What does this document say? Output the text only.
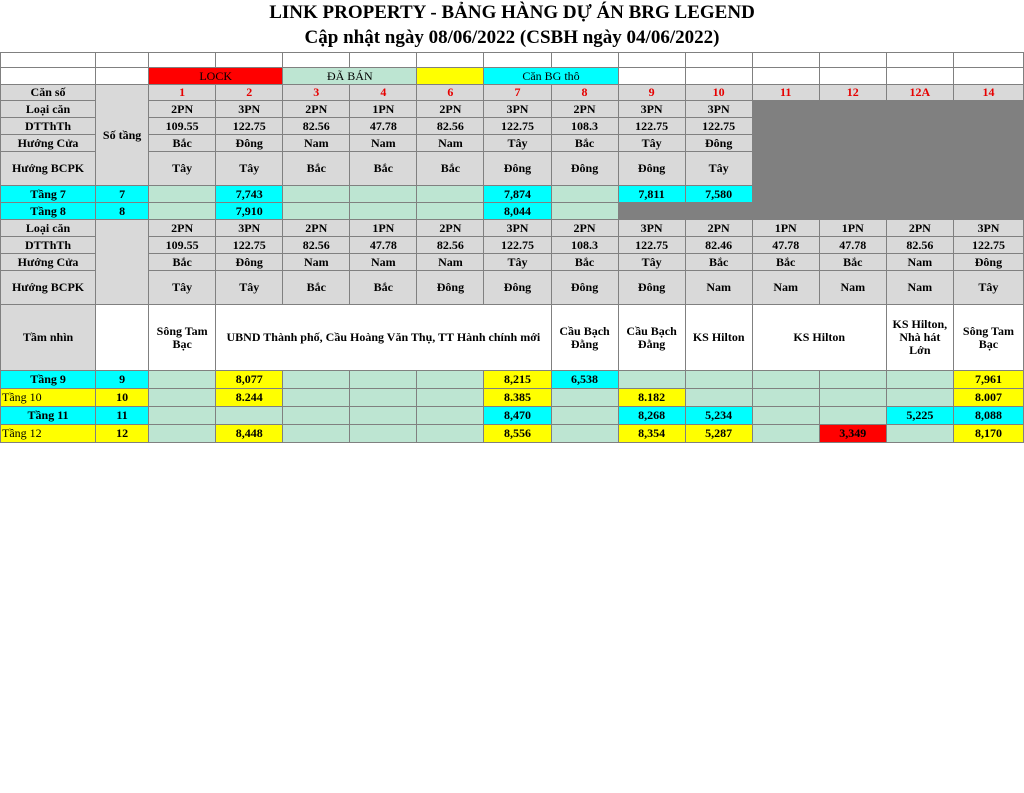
LINK PROPERTY - BẢNG HÀNG DỰ ÁN BRG LEGEND
Cập nhật ngày 08/06/2022 (CSBH ngày 04/06/2022)

		LOCK		ĐÃ BÁN			Căn BG thô							
Căn số	Số tầng	1	2	3	4	6	7	8	9	10	11	12	12A	14
Loại căn		2PN	3PN	2PN	1PN	2PN	3PN	2PN	3PN	3PN				
DTThTh		109.55	122.75	82.56	47.78	82.56	122.75	108.3	122.75	122.75				
Hướng Cửa		Bắc	Đông	Nam	Nam	Nam	Tây	Bắc	Tây	Đông				
Hướng BCPK		Tây	Tây	Bắc	Bắc	Bắc	Đông	Đông	Đông	Tây				
Tầng 7	7		7,743				7,874		7,811	7,580				
Tầng 8	8		7,910				8,044							
Loại căn		2PN	3PN	2PN	1PN	2PN	3PN	2PN	3PN	2PN	1PN	1PN	2PN	3PN
DTThTh		109.55	122.75	82.56	47.78	82.56	122.75	108.3	122.75	82.46	47.78	47.78	82.56	122.75
Hướng Cửa		Bắc	Đông	Nam	Nam	Nam	Tây	Bắc	Tây	Bắc	Bắc	Bắc	Nam	Đông
Hướng BCPK		Tây	Tây	Bắc	Bắc	Đông	Đông	Đông	Đông	Nam	Nam	Nam	Nam	Tây
Tầm nhìn		Sông Tam Bạc	UBND Thành phố, Cầu Hoàng Văn Thụ, TT Hành chính mới					Cầu Bạch Đằng	Cầu Bạch Đằng	KS Hilton	KS Hilton		KS Hilton, Nhà hát Lớn	Sông Tam Bạc
Tầng 9	9		8,077				8,215	6,538						7,961
Tầng 10	10		8.244				8.385		8.182					8.007
Tầng 11	11						8,470		8,268	5,234			5,225	8,088
Tầng 12	12		8,448				8,556		8,354	5,287		3,349		8,170
